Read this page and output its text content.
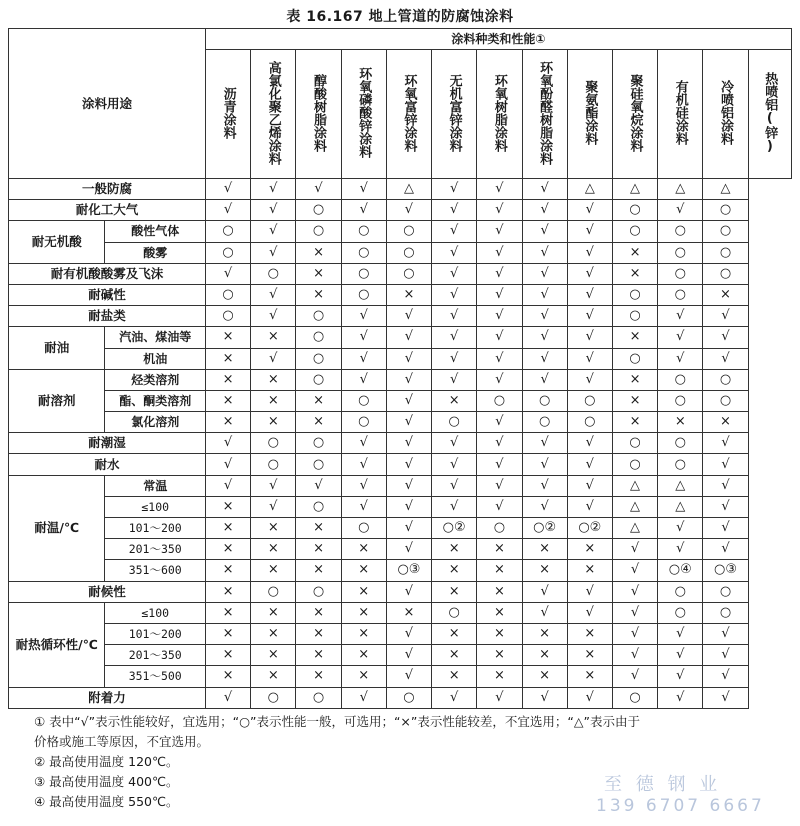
表 16.167 地上管道的防腐蚀涂料
涂料用途		涂料种类和性能①												
		沥青涂料	高氯化聚乙烯涂料	醇酸树脂涂料	环氧磷酸锌涂料	环氧富锌涂料	无机富锌涂料	环氧树脂涂料	环氧酚醛树脂涂料	聚氨酯涂料	聚硅氧烷涂料	有机硅涂料	冷喷铝涂料	热喷铝(锌)
一般防腐		√	√	√	√	△	√	√	√	△	△	△	△	
耐化工大气		√	√	○	√	√	√	√	√	√	○	√	○	
耐无机酸	酸性气体	○	√	○	○	○	√	√	√	√	○	○	○	
	酸雾	○	√	×	○	○	√	√	√	√	×	○	○	
耐有机酸酸雾及飞沫		√	○	×	○	○	√	√	√	√	×	○	○	
耐碱性		○	√	×	○	×	√	√	√	√	○	○	×	
耐盐类		○	√	○	√	√	√	√	√	√	○	√	√	
耐油	汽油、煤油等	×	×	○	√	√	√	√	√	√	×	√	√	
	机油	×	√	○	√	√	√	√	√	√	○	√	√	
耐溶剂	烃类溶剂	×	×	○	√	√	√	√	√	√	×	○	○	
	酯、酮类溶剂	×	×	×	○	√	×	○	○	○	×	○	○	
	氯化溶剂	×	×	×	○	√	○	√	○	○	×	×	×	
耐潮湿		√	○	○	√	√	√	√	√	√	○	○	√	
耐水		√	○	○	√	√	√	√	√	√	○	○	√	
耐温/℃	常温	√	√	√	√	√	√	√	√	√	△	△	√	
	≤100	×	√	○	√	√	√	√	√	√	△	△	√	
	101～200	×	×	×	○	√	○②	○	○②	○②	△	√	√	
	201～350	×	×	×	×	√	×	×	×	×	√	√	√	
	351～600	×	×	×	×	○③	×	×	×	×	√	○④	○③	
耐候性		×	○	○	×	√	×	×	√	√	√	○	○	
耐热循环性/℃	≤100	×	×	×	×	×	○	×	√	√	√	○	○	
	101～200	×	×	×	×	√	×	×	×	×	√	√	√	
	201～350	×	×	×	×	√	×	×	×	×	√	√	√	
	351～500	×	×	×	×	√	×	×	×	×	√	√	√	
附着力		√	○	○	√	○	√	√	√	√	○	√	√	

① 表中“√”表示性能较好，宜选用；“○”表示性能一般，可选用；“×”表示性能较差，不宜选用；“△”表示由于

价格或施工等原因，不宜选用。

② 最高使用温度 120℃。

③ 最高使用温度 400℃。

④ 最高使用温度 550℃。

至 德 钢 业
139 6707 6667
